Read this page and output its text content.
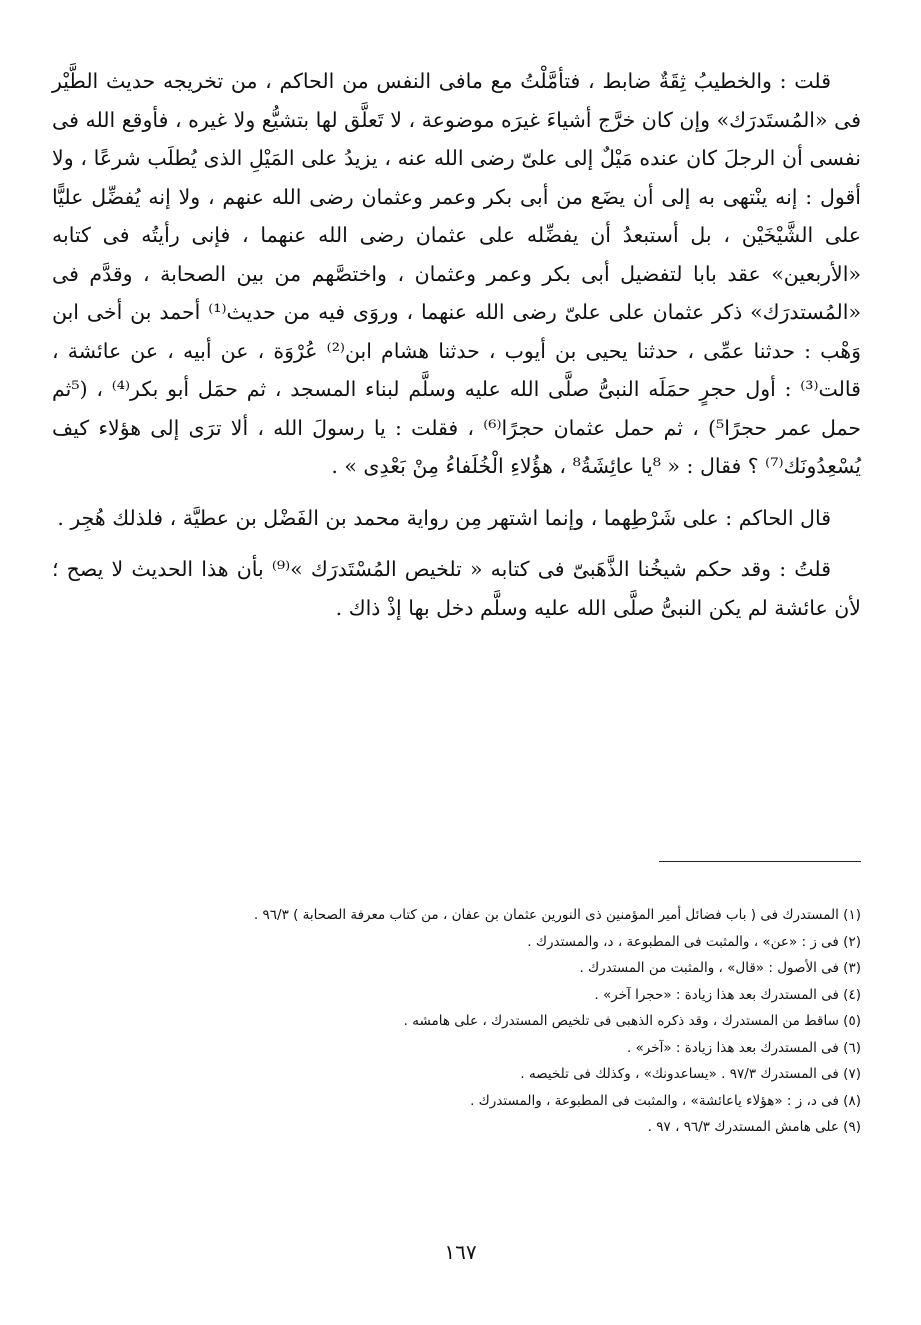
قلت : والخطيبُ ثِقَةٌ ضابط ، فتأمَّلْتُ مع مافى النفس من الحاكم ، من تخريجه حديث الطَّيْر فى «المُستَدرَك» وإن كان خرَّج أشياءَ غيرَه موضوعة ، لا تَعلَّق لها بتشيُّع ولا غيره ، فأوقع الله فى نفسى أن الرجلَ كان عنده مَيْلٌ إلى علىّ رضى الله عنه ، يزيدُ على المَيْلِ الذى يُطلَب شرعًا ، ولا أقول : إنه ينْتهى به إلى أن يضَع من أبى بكر وعمر وعثمان رضى الله عنهم ، ولا إنه يُفضِّل عليًّا على الشَّيْخَيْن ، بل أستبعدُ أن يفضِّله على عثمان رضى الله عنهما ، فإنى رأيتُه فى كتابه «الأربعين» عقد بابا لتفضيل أبى بكر وعمر وعثمان ، واختصَّهم من بين الصحابة ، وقدَّم فى «المُستدرَك» ذكر عثمان على علىّ رضى الله عنهما ، وروَى فيه من حديث⁽¹⁾ أحمد بن أخى ابن وَهْب : حدثنا عمِّى ، حدثنا يحيى بن أيوب ، حدثنا هشام ابن⁽²⁾ عُرْوَة ، عن أبيه ، عن عائشة ، قالت⁽³⁾ : أول حجرٍ حمَلَه النبىُّ صلَّى الله عليه وسلَّم لبناء المسجد ، ثم حمَل أبو بكر⁽⁴⁾ ، (⁵ثم حمل عمر حجرًا⁵) ، ثم حمل عثمان حجرًا⁽⁶⁾ ، فقلت : يا رسولَ الله ، ألا ترَى إلى هؤلاء كيف يُسْعِدُونَك⁽⁷⁾ ؟ فقال : « ⁸يا عائِشَةُ⁸ ، هؤُلاءِ الْخُلَفاءُ مِنْ بَعْدِى » .

قال الحاكم : على شَرْطِهما ، وإنما اشتهر مِن رواية محمد بن الفَضْل بن عطيَّة ، فلذلك هُجِر .

قلتُ : وقد حكم شيخُنا الذَّهَبىّ فى كتابه « تلخيص المُسْتَدرَك »⁽⁹⁾ بأن هذا الحديث لا يصح ؛ لأن عائشة لم يكن النبىُّ صلَّى الله عليه وسلَّم دخل بها إذْ ذاك .

(١) المستدرك فى ( باب فضائل أمير المؤمنين ذى النورين عثمان بن عفان ، من كتاب معرفة الصحابة ) ٩٦/٣ .
(٢) فى ز : «عن» ، والمثبت فى المطبوعة ، د، والمستدرك .
(٣) فى الأصول : «قال» ، والمثبت من المستدرك .
(٤) فى المستدرك بعد هذا زيادة : «حجرا آخر» .
(٥) ساقط من المستدرك ، وقد ذكره الذهبى فى تلخيص المستدرك ، على هامشه .
(٦) فى المستدرك بعد هذا زيادة : «آخر» .
(٧) فى المستدرك ٩٧/٣ . «يساعدونك» ، وكذلك فى تلخيصه .
(٨) فى د، ز : «هؤلاء ياعائشة» ، والمثبت فى المطبوعة ، والمستدرك .
(٩) على هامش المستدرك ٩٦/٣ ، ٩٧ .
١٦٧
